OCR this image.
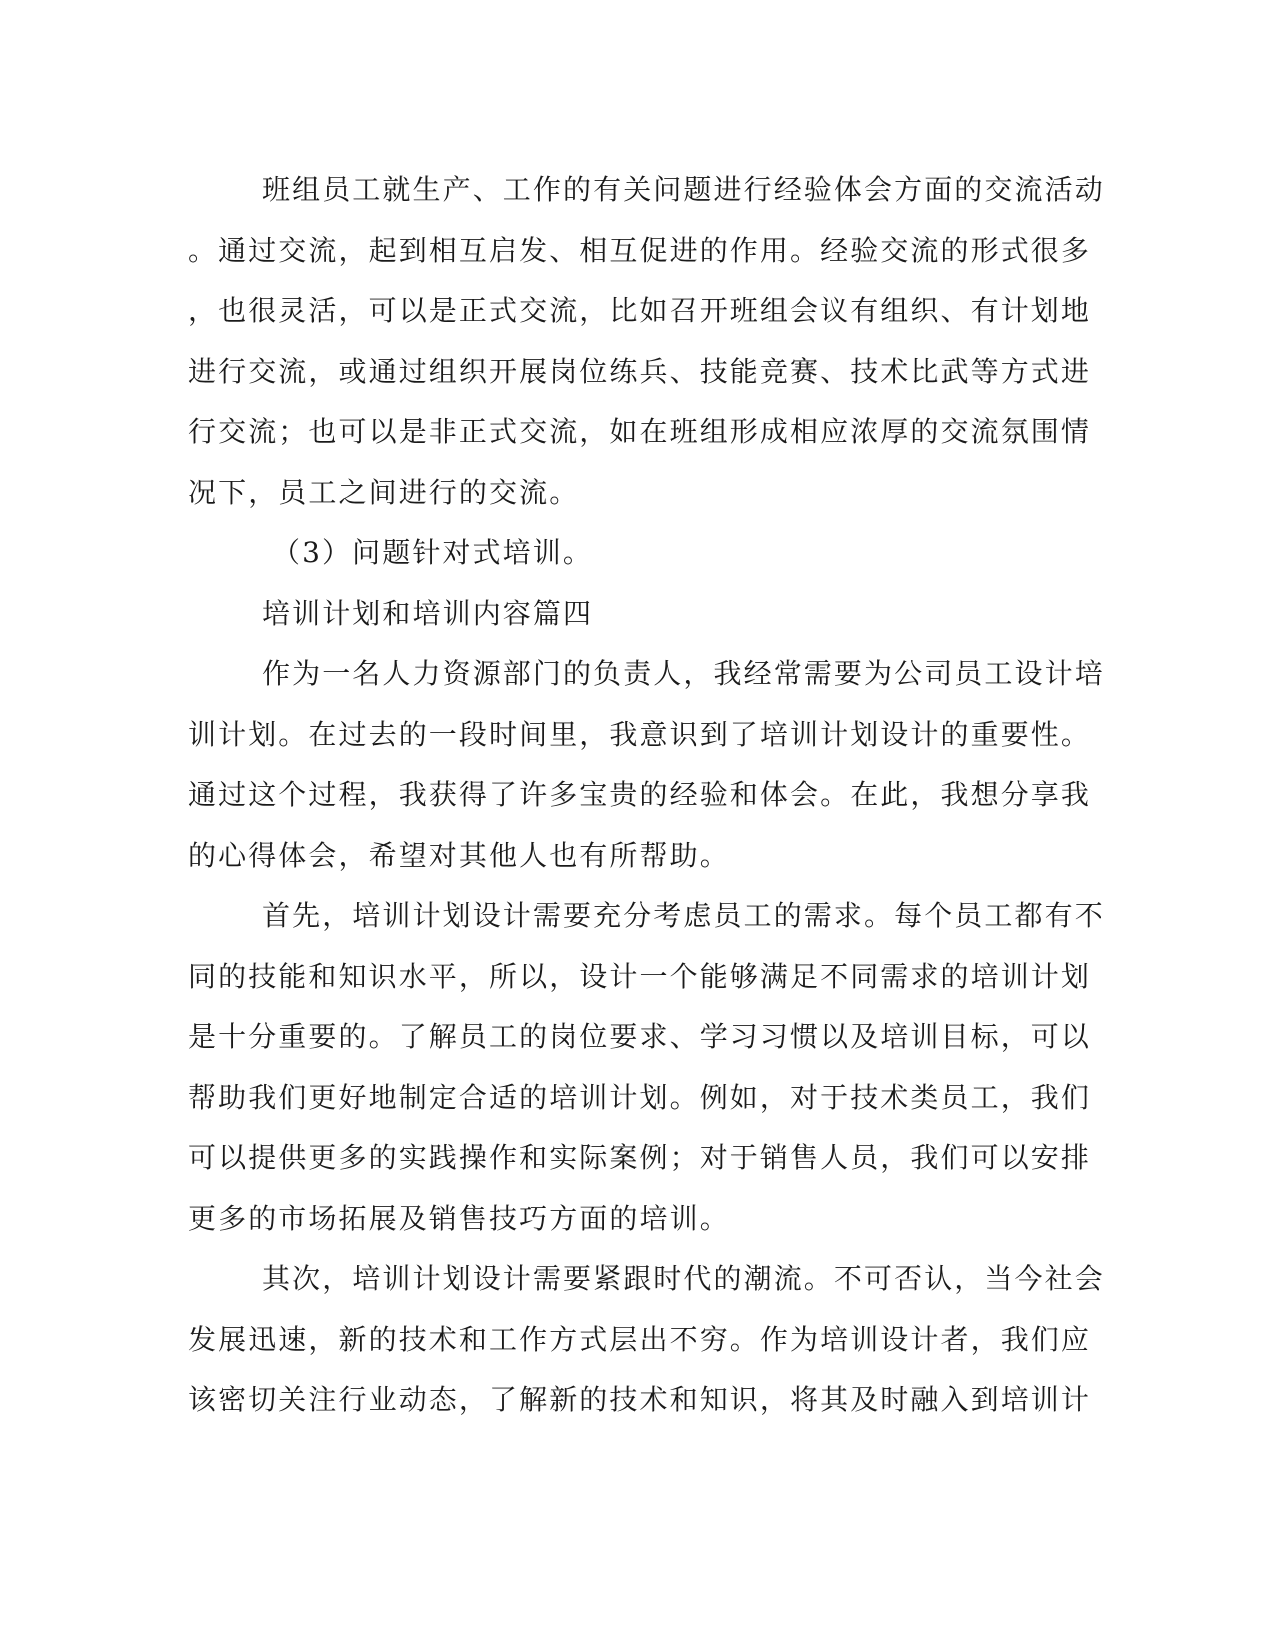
班组员工就生产、工作的有关问题进行经验体会方面的交流活动
。通过交流，起到相互启发、相互促进的作用。经验交流的形式很多
，也很灵活，可以是正式交流，比如召开班组会议有组织、有计划地
进行交流，或通过组织开展岗位练兵、技能竞赛、技术比武等方式进
行交流；也可以是非正式交流，如在班组形成相应浓厚的交流氛围情
况下，员工之间进行的交流。
（3）问题针对式培训。
培训计划和培训内容篇四
作为一名人力资源部门的负责人，我经常需要为公司员工设计培
训计划。在过去的一段时间里，我意识到了培训计划设计的重要性。
通过这个过程，我获得了许多宝贵的经验和体会。在此，我想分享我
的心得体会，希望对其他人也有所帮助。
首先，培训计划设计需要充分考虑员工的需求。每个员工都有不
同的技能和知识水平，所以，设计一个能够满足不同需求的培训计划
是十分重要的。了解员工的岗位要求、学习习惯以及培训目标，可以
帮助我们更好地制定合适的培训计划。例如，对于技术类员工，我们
可以提供更多的实践操作和实际案例；对于销售人员，我们可以安排
更多的市场拓展及销售技巧方面的培训。
其次，培训计划设计需要紧跟时代的潮流。不可否认，当今社会
发展迅速，新的技术和工作方式层出不穷。作为培训设计者，我们应
该密切关注行业动态，了解新的技术和知识，将其及时融入到培训计
